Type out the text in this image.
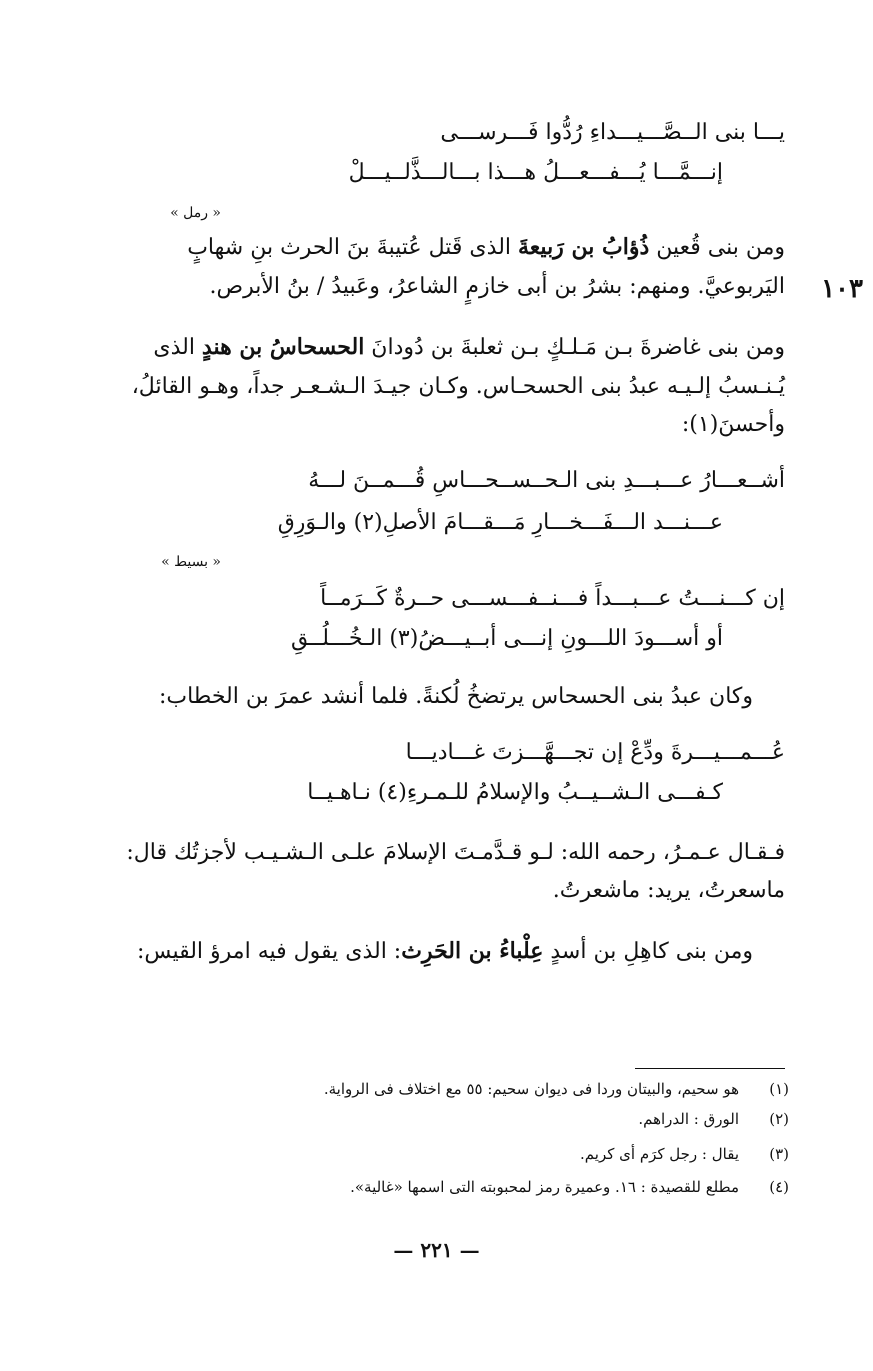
يـــا بنى الــصَّـــيـــداءِ رُدُّوا فَـــرســـى
إنـــمَّـــا يُـــفـــعـــلُ هـــذا بـــالـــذَّلــيـــلْ
« رمل »
ومن بنى قُعين ذُؤابُ بن رَبيعةَ الذى قَتل عُتيبةَ بنَ الحرث بنِ شهابٍ
اليَربوعيَّ. ومنهم: بشرُ بن أبى خازمٍ الشاعرُ، وعَبيدُ / بنُ الأبرص. ١٠٣
ومن بنى غاضرةَ بـن مَـلـكٍ بـن ثعلبةَ بن دُودانَ الحسحاسُ بن هندٍ الذى
يُـنـسبُ إلـيـه عبدُ بنى الحسحـاس. وكـان جيـدَ الـشـعـر جداً، وهـو القائلُ،
وأحسنَ(١):
أشــعـــارُ عـــبـــدِ بنى الـحــســحـــاسِ قُـــمــنَ لـــهُ
عـــنـــد الـــفَـــخـــارِ مَـــقـــامَ الأصلِ(٢) والـوَرِقِ
« بسيط »
إن كـــنـــتُ عـــبـــداً فـــنــفـــســـى حــرةٌ كَــرَمــاً
أو أســـودَ اللـــونِ إنـــى أبــيـــضُ(٣) الـخُـــلُــقِ
وكان عبدُ بنى الحسحاس يرتضخُ لُكنةً. فلما أنشد عمرَ بن الخطاب:
عُـــمـــيـــرةَ ودِّعْ إن تجـــهَّـــزتَ غـــاديـــا
كـفـــى الـشــيــبُ والإسلامُ للـمـرءِ(٤) نـاهـيــا
فـقـال عـمـرُ، رحمه الله: لـو قـدَّمـتَ الإسلامَ علـى الـشـيـب لأجزتُك قال:
ماسعرتُ، يريد: ماشعرتُ.
ومن بنى كاهِلِ بن أسدٍ عِلْباءُ بن الحَرِث: الذى يقول فيه امرؤ القيس:
(١)هو سحيم، والبيتان وردا فى ديوان سحيم: ٥٥ مع اختلاف فى الرواية.
(٢)الورق : الدراهم.
(٣)يقال : رجل كرَم أى كريم.
(٤)مطلع للقصيدة : ١٦. وعميرة رمز لمحبوبته التى اسمها «غالية».
— ٢٢١ —
